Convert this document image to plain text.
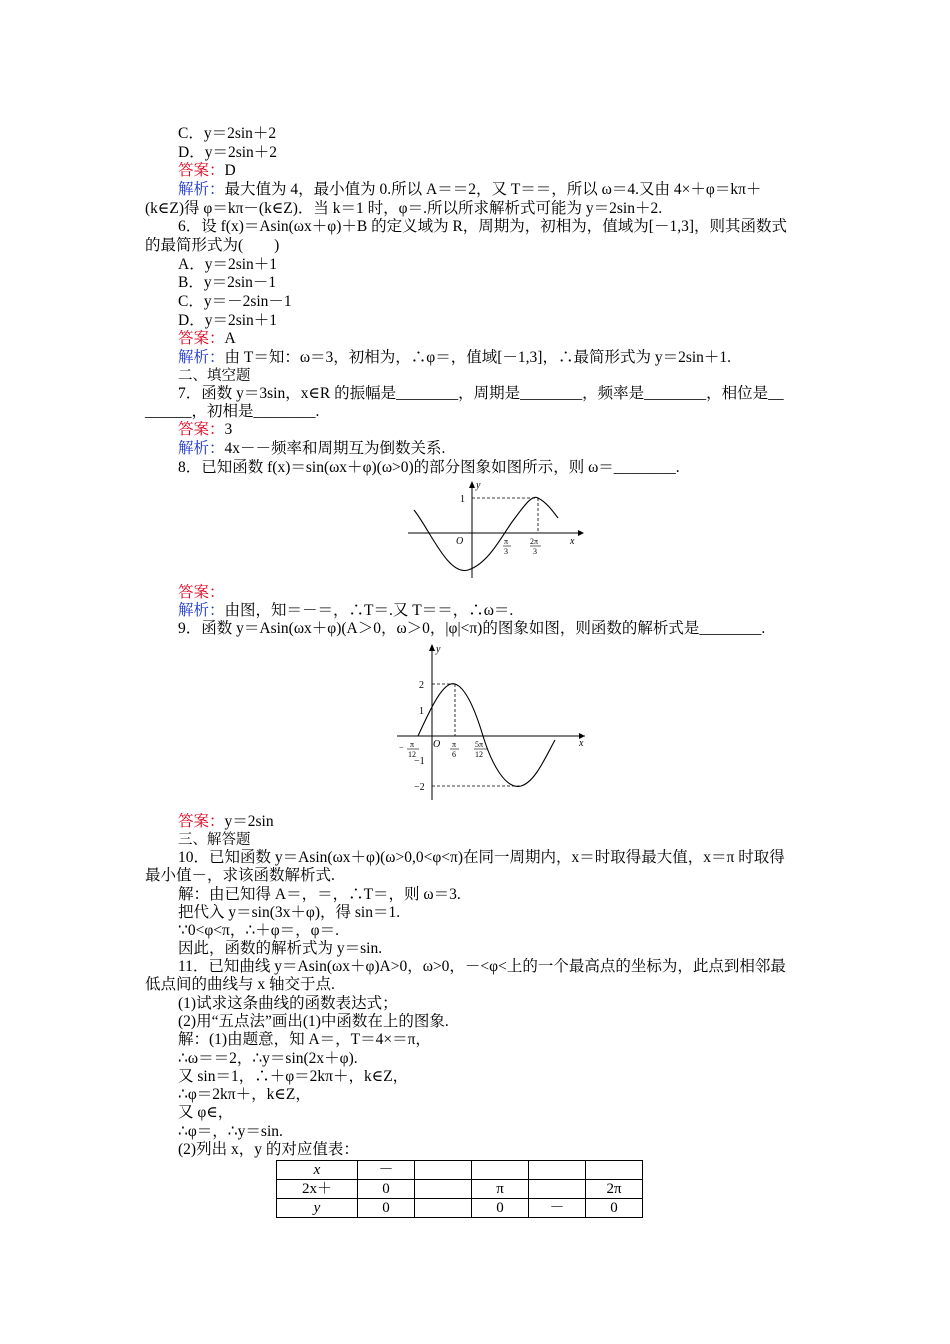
C．y＝2sin＋2
D．y＝2sin＋2
答案：D
解析：最大值为 4，最小值为 0.所以 A＝＝2，又 T＝＝，所以 ω＝4.又由 4×＋φ＝kπ＋
(k∈Z)得 φ＝kπ－(k∈Z)．当 k＝1 时，φ＝.所以所求解析式可能为 y＝2sin＋2.
6．设 f(x)＝Asin(ωx＋φ)＋B 的定义域为 R，周期为，初相为，值域为[－1,3]，则其函数式
的最简形式为(　　)
A．y＝2sin＋1
B．y＝2sin－1
C．y＝－2sin－1
D．y＝2sin＋1
答案：A
解析：由 T＝知：ω＝3，初相为，∴φ＝，值域[－1,3]，∴最简形式为 y＝2sin＋1.
二、填空题
7．函数 y＝3sin，x∈R 的振幅是________，周期是________，频率是________，相位是__
______，初相是________.
答案：3
解析：4x－－频率和周期互为倒数关系.
8．已知函数 f(x)＝sin(ωx＋φ)(ω>0)的部分图象如图所示，则 ω＝________.
答案：
解析：由图，知＝－＝，∴T＝.又 T＝＝，∴ω＝.
9．函数 y＝Asin(ωx＋φ)(A＞0，ω＞0，|φ|<π)的图象如图，则函数的解析式是________.
答案：y＝2sin
三、解答题
10．已知函数 y＝Asin(ωx＋φ)(ω>0,0<φ<π)在同一周期内，x＝时取得最大值，x＝π 时取得
最小值－，求该函数解析式.
解：由已知得 A＝，＝，∴T＝，则 ω＝3.
把代入 y＝sin(3x＋φ)，得 sin＝1.
∵0<φ<π，∴＋φ＝，φ＝.
因此，函数的解析式为 y＝sin.
11．已知曲线 y＝Asin(ωx＋φ)A>0，ω>0，－<φ<上的一个最高点的坐标为，此点到相邻最
低点间的曲线与 x 轴交于点.
(1)试求这条曲线的函数表达式；
(2)用“五点法”画出(1)中函数在上的图象.
解：(1)由题意，知 A＝，T＝4×＝π，
∴ω＝＝2，∴y＝sin(2x＋φ).
又 sin＝1，∴＋φ＝2kπ＋，k∈Z，
∴φ＝2kπ＋，k∈Z，
又 φ∈，
∴φ＝，∴y＝sin.
(2)列出 x，y 的对应值表：
y
x
O
1
π
3
2π
3
y
x
O
2
1
−1
−2
− π
12
π
6
5π
12
x	－				
2x＋	0		π		2π
y	0		0	－	0
